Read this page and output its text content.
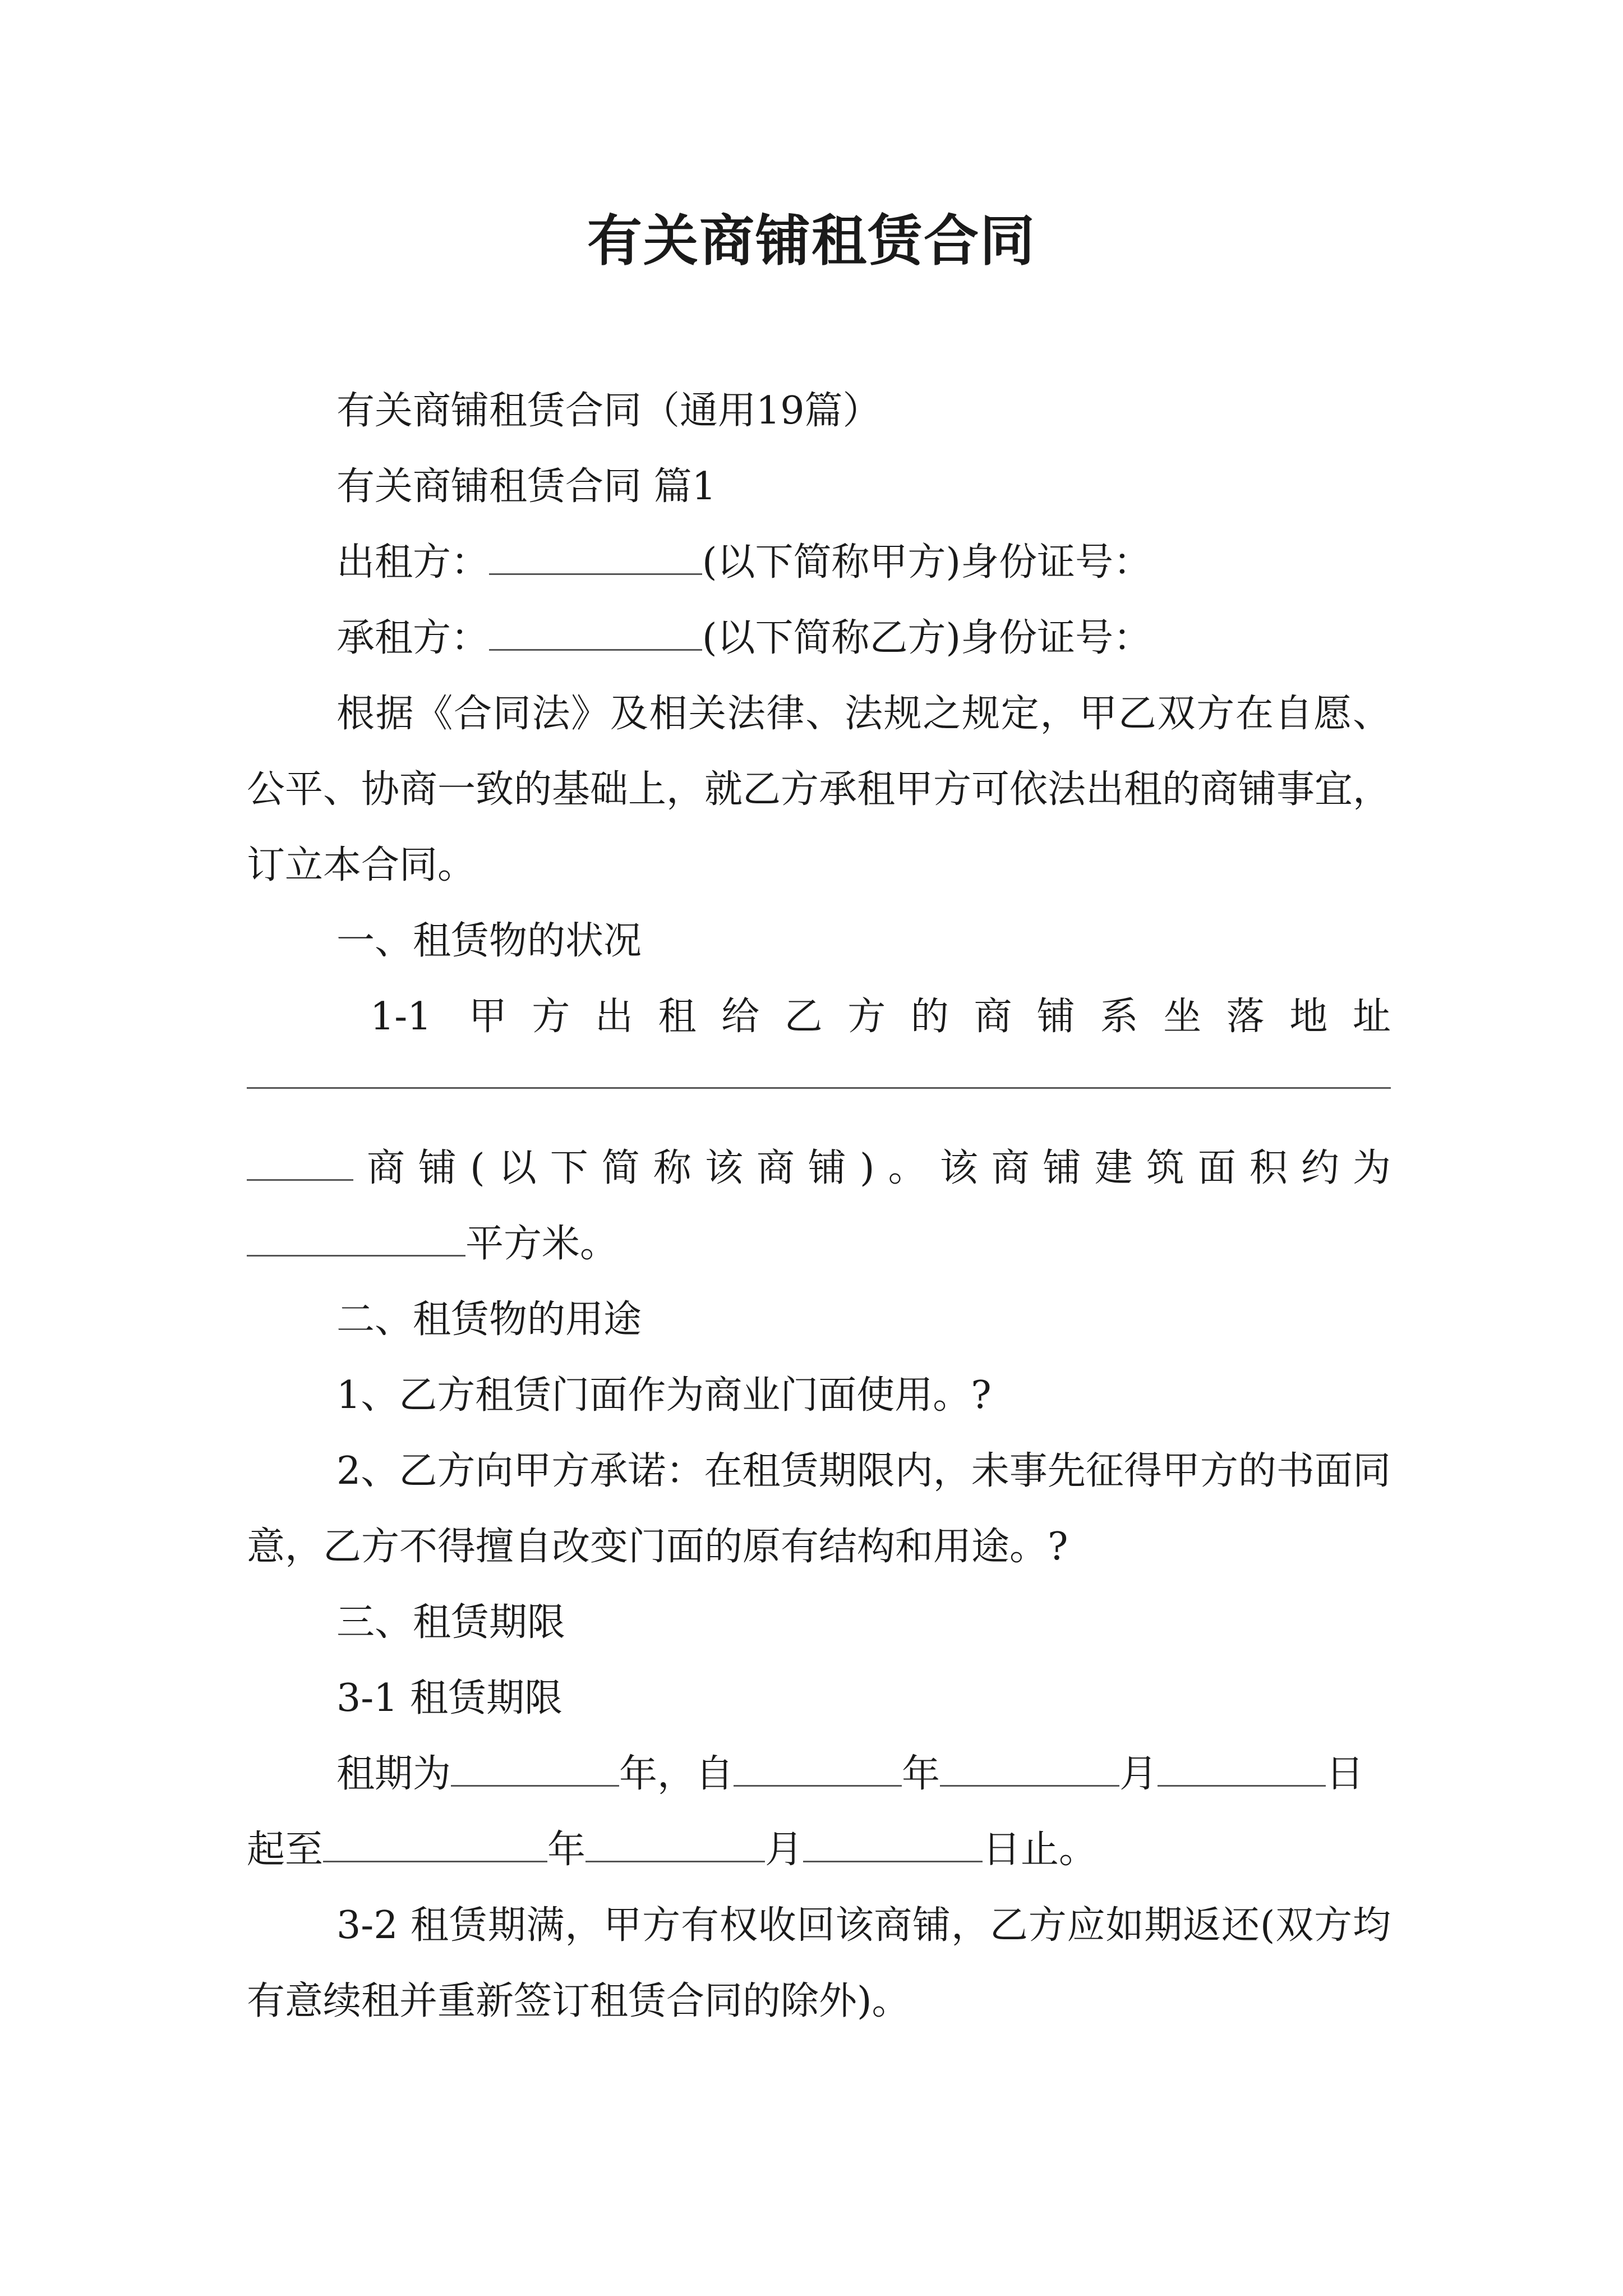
有关商铺租赁合同

有关商铺租赁合同（通用19篇）

有关商铺租赁合同 篇1

出租方：	(以下简称甲方)身份证号：

承租方：	(以下简称乙方)身份证号：

根据《合同法》及相关法律、法规之规定，甲乙双方在自愿、公平、协商一致的基础上，就乙方承租甲方可依法出租的商铺事宜，订立本合同。

一、租赁物的状况

1-1 甲方出租给乙方的商铺系坐落地址

商铺(以下简称该商铺)。该商铺建筑面积约为

平方米。

二、租赁物的用途

1、乙方租赁门面作为商业门面使用。?

2、乙方向甲方承诺：在租赁期限内，未事先征得甲方的书面同意，乙方不得擅自改变门面的原有结构和用途。?

三、租赁期限

3-1 租赁期限

租期为	年，自	年	月	日

起至	年	月	日止。

3-2 租赁期满，甲方有权收回该商铺，乙方应如期返还(双方均有意续租并重新签订租赁合同的除外)。
